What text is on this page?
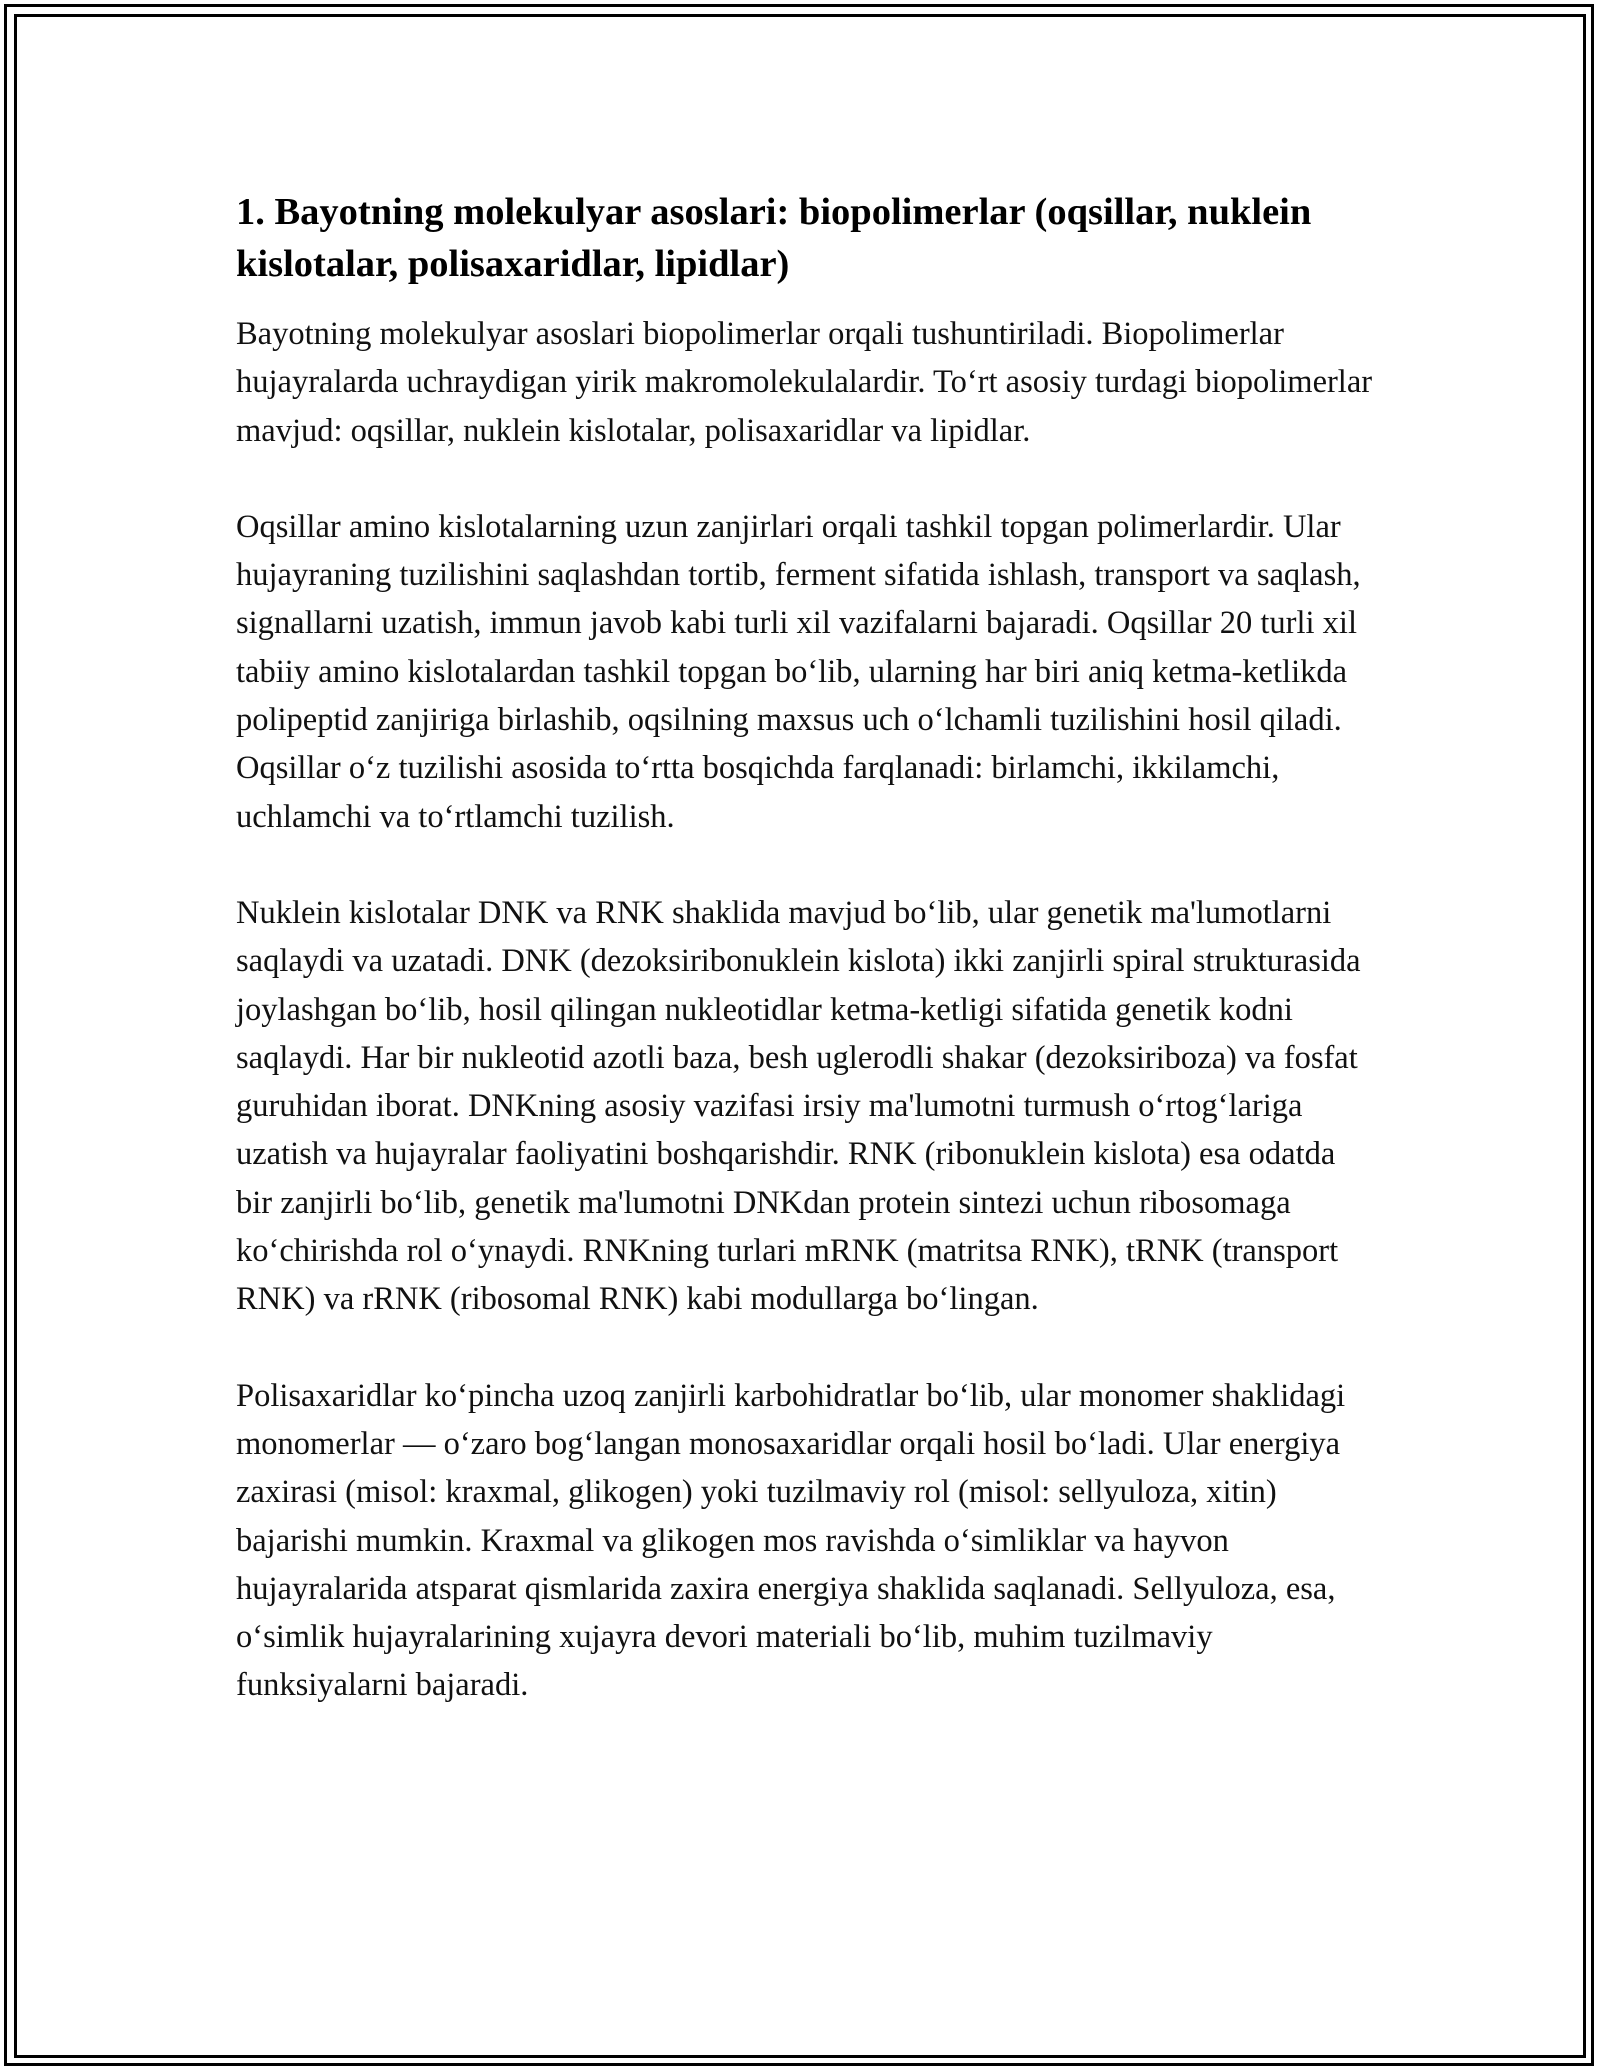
1. Bayotning molekulyar asoslari: biopolimerlar (oqsillar, nuklein kislotalar, polisaxaridlar, lipidlar)

Bayotning molekulyar asoslari biopolimerlar orqali tushuntiriladi. Biopolimerlar hujayralarda uchraydigan yirik makromolekulalardir. To‘rt asosiy turdagi biopolimerlar mavjud: oqsillar, nuklein kislotalar, polisaxaridlar va lipidlar.

Oqsillar amino kislotalarning uzun zanjirlari orqali tashkil topgan polimerlardir. Ular hujayraning tuzilishini saqlashdan tortib, ferment sifatida ishlash, transport va saqlash, signallarni uzatish, immun javob kabi turli xil vazifalarni bajaradi. Oqsillar 20 turli xil tabiiy amino kislotalardan tashkil topgan bo‘lib, ularning har biri aniq ketma-ketlikda polipeptid zanjiriga birlashib, oqsilning maxsus uch o‘lchamli tuzilishini hosil qiladi. Oqsillar o‘z tuzilishi asosida to‘rtta bosqichda farqlanadi: birlamchi, ikkilamchi, uchlamchi va to‘rtlamchi tuzilish.

Nuklein kislotalar DNK va RNK shaklida mavjud bo‘lib, ular genetik ma'lumotlarni saqlaydi va uzatadi. DNK (dezoksiribonuklein kislota) ikki zanjirli spiral strukturasida joylashgan bo‘lib, hosil qilingan nukleotidlar ketma-ketligi sifatida genetik kodni saqlaydi. Har bir nukleotid azotli baza, besh uglerodli shakar (dezoksiriboza) va fosfat guruhidan iborat. DNKning asosiy vazifasi irsiy ma'lumotni turmush o‘rtog‘lariga uzatish va hujayralar faoliyatini boshqarishdir. RNK (ribonuklein kislota) esa odatda bir zanjirli bo‘lib, genetik ma'lumotni DNKdan protein sintezi uchun ribosomaga ko‘chirishda rol o‘ynaydi. RNKning turlari mRNK (matritsa RNK), tRNK (transport RNK) va rRNK (ribosomal RNK) kabi modullarga bo‘lingan.

Polisaxaridlar ko‘pincha uzoq zanjirli karbohidratlar bo‘lib, ular monomer shaklidagi monomerlar — o‘zaro bog‘langan monosaxaridlar orqali hosil bo‘ladi. Ular energiya zaxirasi (misol: kraxmal, glikogen) yoki tuzilmaviy rol (misol: sellyuloza, xitin) bajarishi mumkin. Kraxmal va glikogen mos ravishda o‘simliklar va hayvon hujayralarida atsparat qismlarida zaxira energiya shaklida saqlanadi. Sellyuloza, esa, o‘simlik hujayralarining xujayra devori materiali bo‘lib, muhim tuzilmaviy funksiyalarni bajaradi.
